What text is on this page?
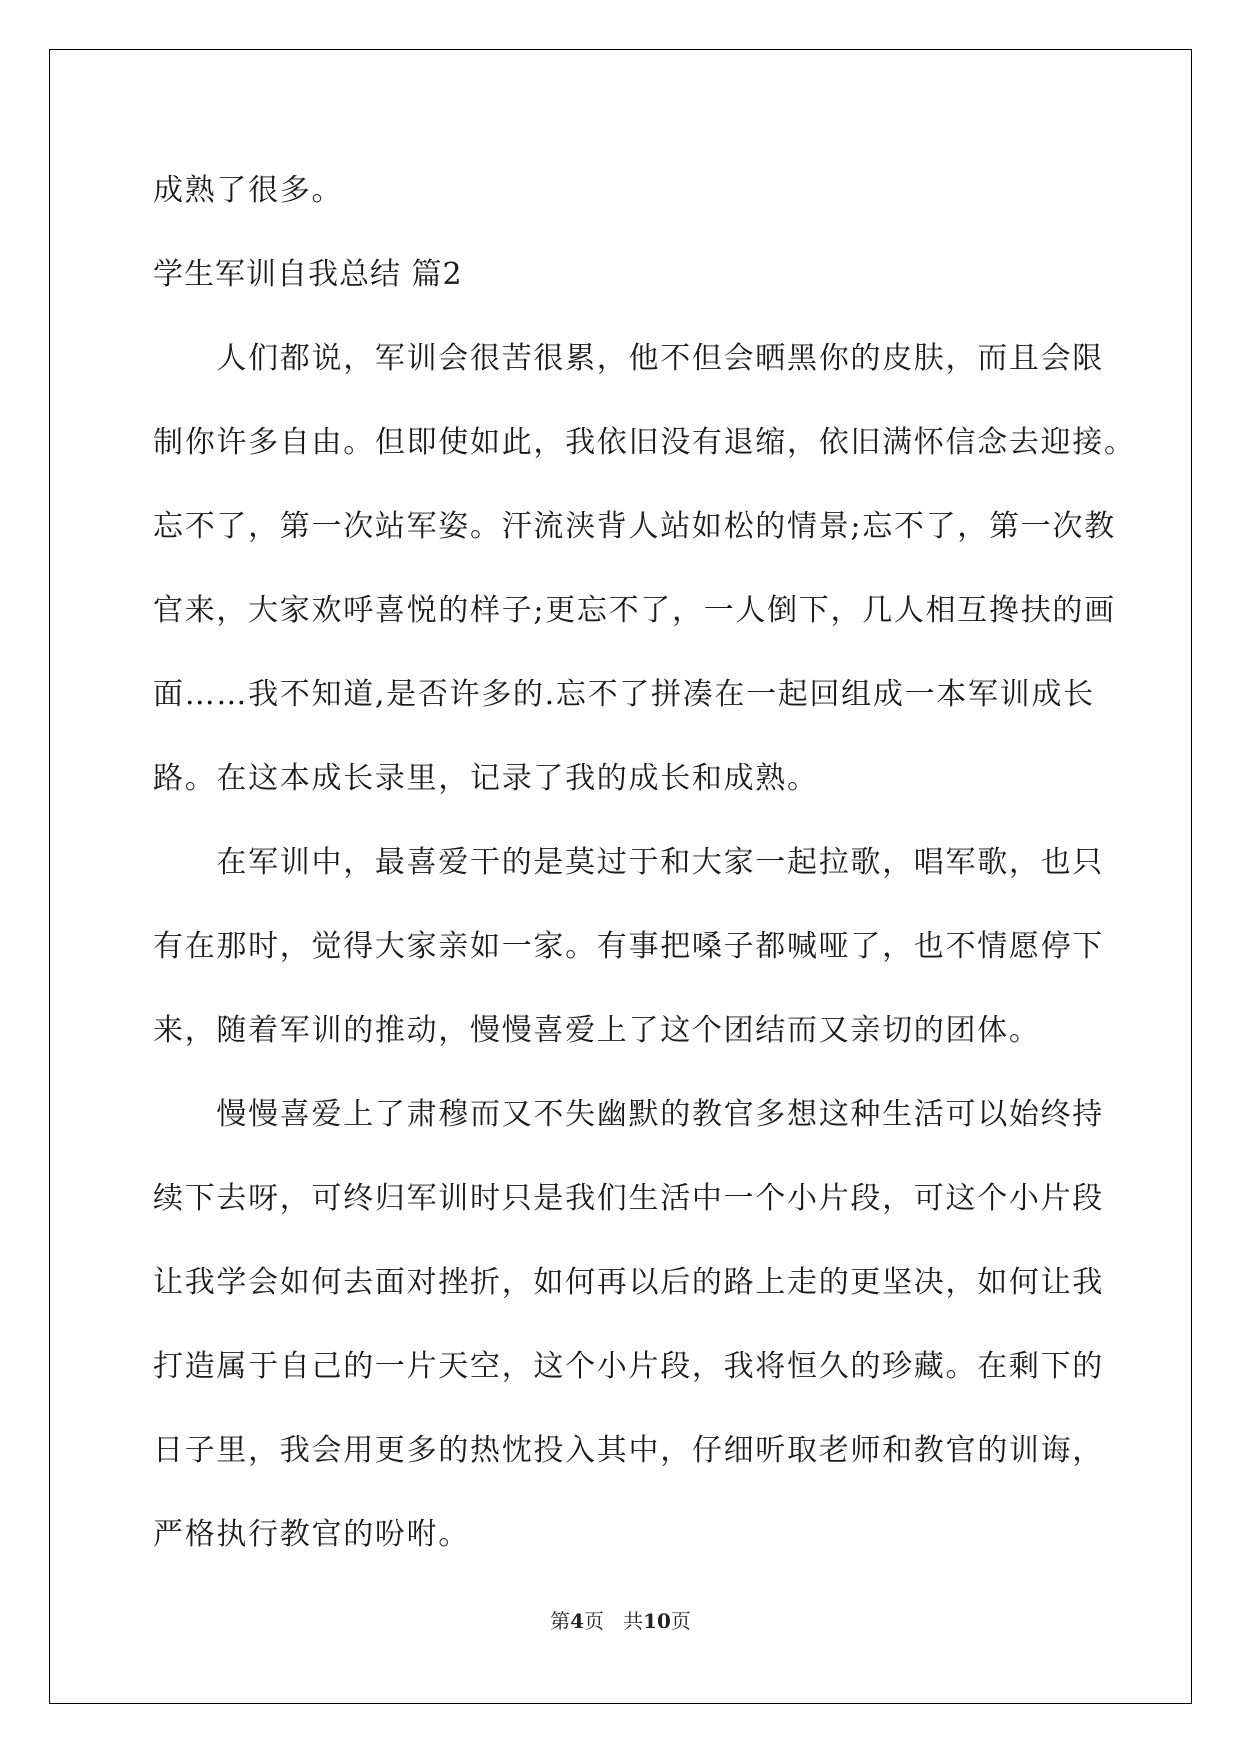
成熟了很多。
学生军训自我总结 篇2
　　人们都说，军训会很苦很累，他不但会晒黑你的皮肤，而且会限
制你许多自由。但即使如此，我依旧没有退缩，依旧满怀信念去迎接。
忘不了，第一次站军姿。汗流浃背人站如松的情景;忘不了，第一次教
官来，大家欢呼喜悦的样子;更忘不了，一人倒下，几人相互搀扶的画
面……我不知道,是否许多的.忘不了拼凑在一起回组成一本军训成长
路。在这本成长录里，记录了我的成长和成熟。
　　在军训中，最喜爱干的是莫过于和大家一起拉歌，唱军歌，也只
有在那时，觉得大家亲如一家。有事把嗓子都喊哑了，也不情愿停下
来，随着军训的推动，慢慢喜爱上了这个团结而又亲切的团体。
　　慢慢喜爱上了肃穆而又不失幽默的教官多想这种生活可以始终持
续下去呀，可终归军训时只是我们生活中一个小片段，可这个小片段
让我学会如何去面对挫折，如何再以后的路上走的更坚决，如何让我
打造属于自己的一片天空，这个小片段，我将恒久的珍藏。在剩下的
日子里，我会用更多的热忱投入其中，仔细听取老师和教官的训诲，
严格执行教官的吩咐。
第4页 共10页
